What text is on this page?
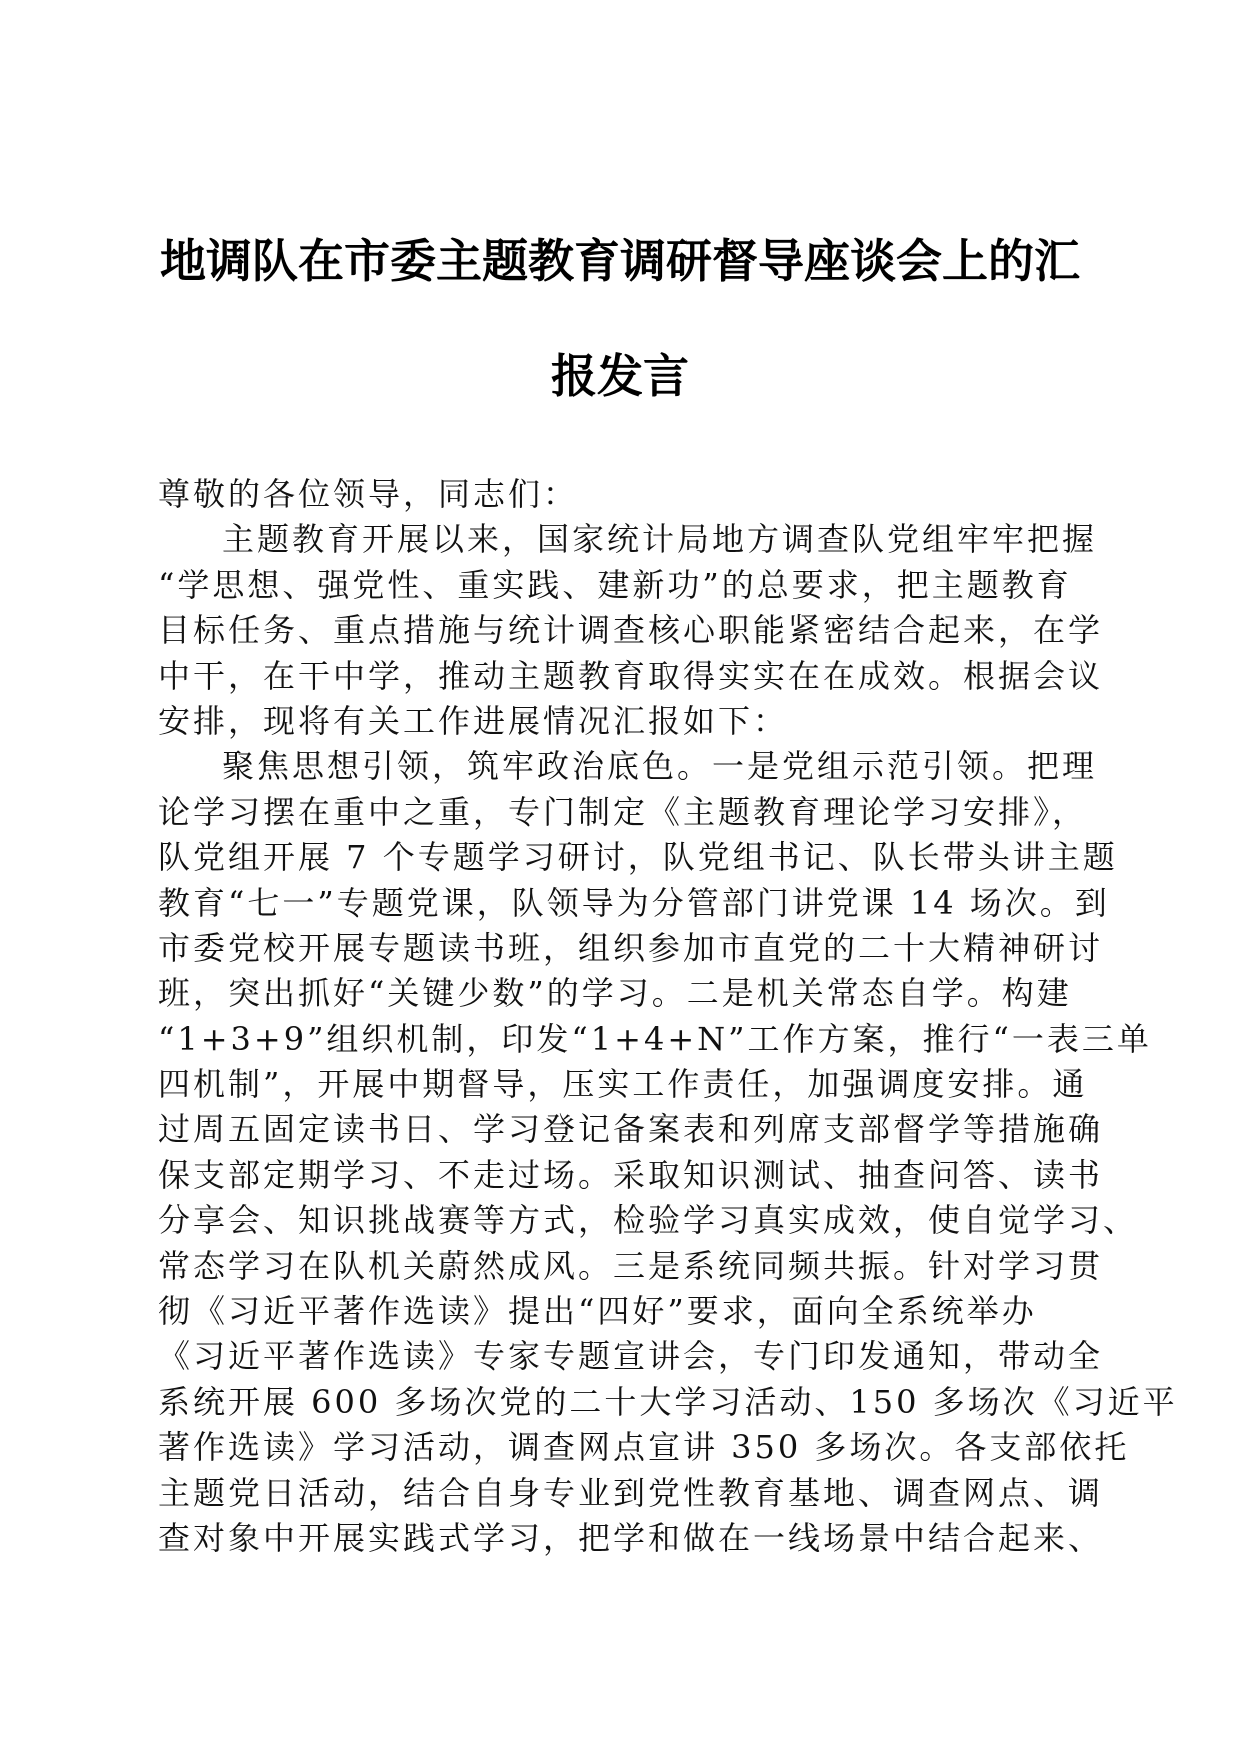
地调队在市委主题教育调研督导座谈会上的汇
报发言
尊敬的各位领导，同志们：
主题教育开展以来，国家统计局地方调查队党组牢牢把握
“学思想、强党性、重实践、建新功”的总要求，把主题教育
目标任务、重点措施与统计调查核心职能紧密结合起来，在学
中干，在干中学，推动主题教育取得实实在在成效。根据会议
安排，现将有关工作进展情况汇报如下：
聚焦思想引领，筑牢政治底色。一是党组示范引领。把理
论学习摆在重中之重，专门制定《主题教育理论学习安排》，
队党组开展 7 个专题学习研讨，队党组书记、队长带头讲主题
教育“七一”专题党课，队领导为分管部门讲党课 14 场次。到
市委党校开展专题读书班，组织参加市直党的二十大精神研讨
班，突出抓好“关键少数”的学习。二是机关常态自学。构建
“1+3+9”组织机制，印发“1+4+N”工作方案，推行“一表三单
四机制”，开展中期督导，压实工作责任，加强调度安排。通
过周五固定读书日、学习登记备案表和列席支部督学等措施确
保支部定期学习、不走过场。采取知识测试、抽查问答、读书
分享会、知识挑战赛等方式，检验学习真实成效，使自觉学习、
常态学习在队机关蔚然成风。三是系统同频共振。针对学习贯
彻《习近平著作选读》提出“四好”要求，面向全系统举办
《习近平著作选读》专家专题宣讲会，专门印发通知，带动全
系统开展 600 多场次党的二十大学习活动、150 多场次《习近平
著作选读》学习活动，调查网点宣讲 350 多场次。各支部依托
主题党日活动，结合自身专业到党性教育基地、调查网点、调
查对象中开展实践式学习，把学和做在一线场景中结合起来、
